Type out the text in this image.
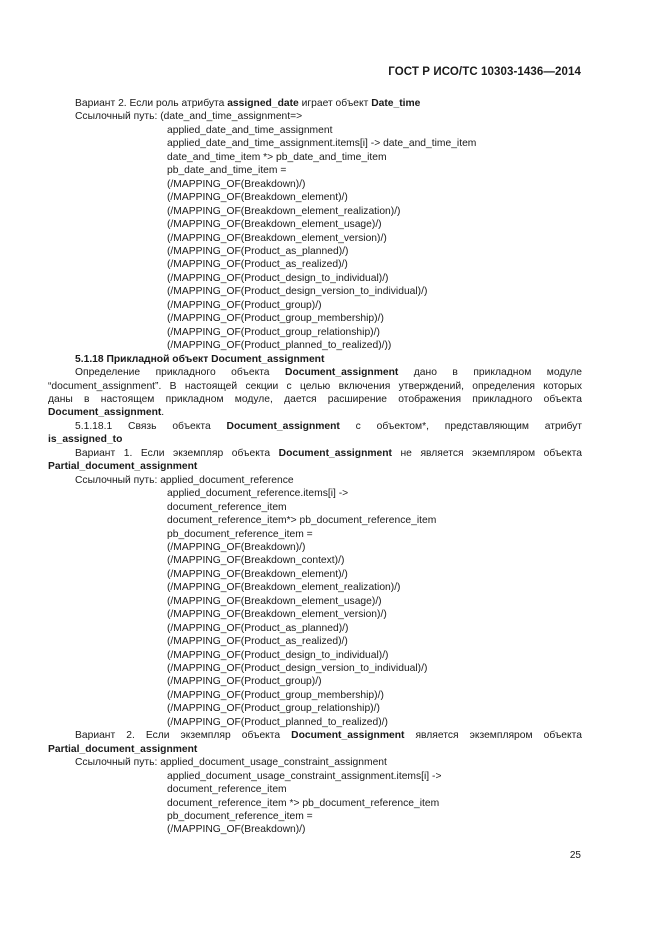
ГОСТ Р ИСО/ТС 10303-1436—2014
Вариант 2. Если роль атрибута assigned_date играет объект Date_time
Ссылочный путь: (date_and_time_assignment=>
applied_date_and_time_assignment
applied_date_and_time_assignment.items[i] -> date_and_time_item
date_and_time_item *> pb_date_and_time_item
pb_date_and_time_item =
(/MAPPING_OF(Breakdown)/)
(/MAPPING_OF(Breakdown_element)/)
(/MAPPING_OF(Breakdown_element_realization)/)
(/MAPPING_OF(Breakdown_element_usage)/)
(/MAPPING_OF(Breakdown_element_version)/)
(/MAPPING_OF(Product_as_planned)/)
(/MAPPING_OF(Product_as_realized)/)
(/MAPPING_OF(Product_design_to_individual)/)
(/MAPPING_OF(Product_design_version_to_individual)/)
(/MAPPING_OF(Product_group)/)
(/MAPPING_OF(Product_group_membership)/)
(/MAPPING_OF(Product_group_relationship)/)
(/MAPPING_OF(Product_planned_to_realized)/))
5.1.18 Прикладной объект Document_assignment
Определение прикладного объекта Document_assignment дано в прикладном модуле
“document_assignment”. В настоящей секции с целью включения утверждений, определения которых
даны в настоящем прикладном модуле, дается расширение отображения прикладного объекта
Document_assignment.
5.1.18.1 Связь объекта Document_assignment с объектом*, представляющим атрибут
is_assigned_to
Вариант 1. Если экземпляр объекта Document_assignment не является экземпляром объекта
Partial_document_assignment
Ссылочный путь: applied_document_reference
applied_document_reference.items[i] ->
document_reference_item
document_reference_item*> pb_document_reference_item
pb_document_reference_item =
(/MAPPING_OF(Breakdown)/)
(/MAPPING_OF(Breakdown_context)/)
(/MAPPING_OF(Breakdown_element)/)
(/MAPPING_OF(Breakdown_element_realization)/)
(/MAPPING_OF(Breakdown_element_usage)/)
(/MAPPING_OF(Breakdown_element_version)/)
(/MAPPING_OF(Product_as_planned)/)
(/MAPPING_OF(Product_as_realized)/)
(/MAPPING_OF(Product_design_to_individual)/)
(/MAPPING_OF(Product_design_version_to_individual)/)
(/MAPPING_OF(Product_group)/)
(/MAPPING_OF(Product_group_membership)/)
(/MAPPING_OF(Product_group_relationship)/)
(/MAPPING_OF(Product_planned_to_realized)/)
Вариант 2. Если экземпляр объекта Document_assignment является экземпляром объекта
Partial_document_assignment
Ссылочный путь: applied_document_usage_constraint_assignment
applied_document_usage_constraint_assignment.items[i] ->
document_reference_item
document_reference_item *> pb_document_reference_item
pb_document_reference_item =
(/MAPPING_OF(Breakdown)/)
25
